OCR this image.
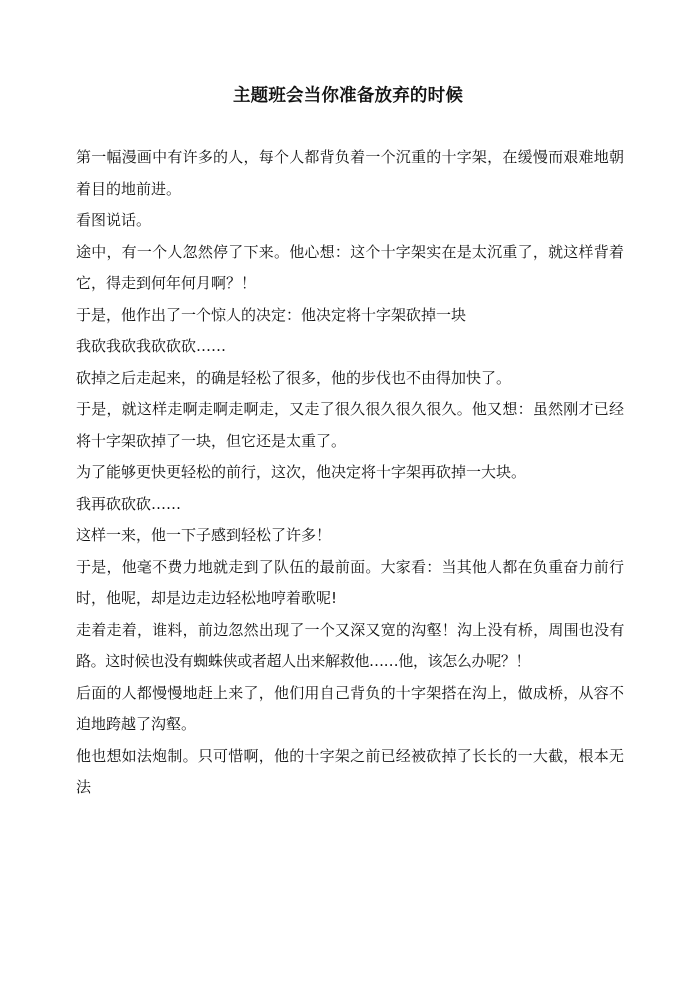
主题班会当你准备放弃的时候

第一幅漫画中有许多的人，每个人都背负着一个沉重的十字架，在缓慢而艰难地朝着目的地前进。

看图说话。

途中，有一个人忽然停了下来。他心想：这个十字架实在是太沉重了，就这样背着它，得走到何年何月啊？！

于是，他作出了一个惊人的决定：他决定将十字架砍掉一块

我砍我砍我砍砍砍……

砍掉之后走起来，的确是轻松了很多，他的步伐也不由得加快了。

于是，就这样走啊走啊走啊走，又走了很久很久很久很久。他又想：虽然刚才已经将十字架砍掉了一块，但它还是太重了。

为了能够更快更轻松的前行，这次，他决定将十字架再砍掉一大块。

我再砍砍砍……

这样一来，他一下子感到轻松了许多！

于是，他毫不费力地就走到了队伍的最前面。大家看：当其他人都在负重奋力前行时，他呢，却是边走边轻松地哼着歌呢!

走着走着，谁料，前边忽然出现了一个又深又宽的沟壑！沟上没有桥，周围也没有路。这时候也没有蜘蛛侠或者超人出来解救他……他，该怎么办呢？！

后面的人都慢慢地赶上来了，他们用自己背负的十字架搭在沟上，做成桥，从容不迫地跨越了沟壑。

他也想如法炮制。只可惜啊，他的十字架之前已经被砍掉了长长的一大截，根本无法
